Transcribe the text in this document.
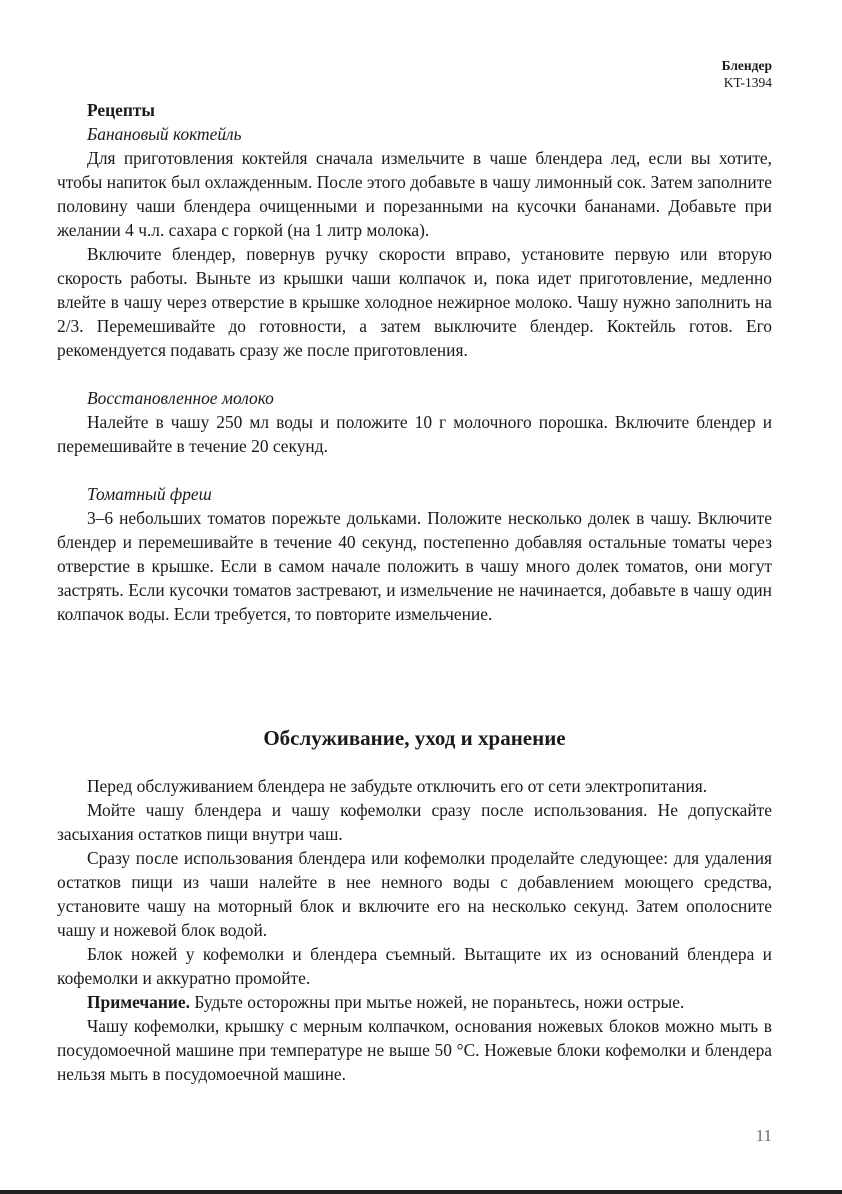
Блендер
KT-1394
Рецепты
Банановый коктейль

Для приготовления коктейля сначала измельчите в чаше блендера лед, если вы хотите, чтобы напиток был охлажденным. После этого добавьте в чашу лимонный сок. Затем заполните половину чаши блендера очищенными и порезанными на кусочки бананами. Добавьте при желании 4 ч.л. сахара с горкой (на 1 литр молока).

Включите блендер, повернув ручку скорости вправо, установите первую или вторую скорость работы. Выньте из крышки чаши колпачок и, пока идет приготовление, медленно влейте в чашу через отверстие в крышке холодное нежирное молоко. Чашу нужно заполнить на 2/3. Перемешивайте до готовности, а затем выключите блендер. Коктейль готов. Его рекомендуется подавать сразу же после приготовления.

Восстановленное молоко

Налейте в чашу 250 мл воды и положите 10 г молочного порошка. Включите блендер и перемешивайте в течение 20 секунд.

Томатный фреш

3–6 небольших томатов порежьте дольками. Положите несколько долек в чашу. Включите блендер и перемешивайте в течение 40 секунд, постепенно добавляя остальные томаты через отверстие в крышке. Если в самом начале положить в чашу много долек томатов, они могут застрять. Если кусочки томатов застревают, и измельчение не начинается, добавьте в чашу один колпачок воды. Если требуется, то повторите измельчение.

Обслуживание, уход и хранение

Перед обслуживанием блендера не забудьте отключить его от сети электропитания.

Мойте чашу блендера и чашу кофемолки сразу после использования. Не допускайте засыхания остатков пищи внутри чаш.

Сразу после использования блендера или кофемолки проделайте следующее: для удаления остатков пищи из чаши налейте в нее немного воды с добавлением моющего средства, установите чашу на моторный блок и включите его на несколько секунд. Затем ополосните чашу и ножевой блок водой.

Блок ножей у кофемолки и блендера съемный. Вытащите их из оснований блендера и кофемолки и аккуратно промойте.

Примечание. Будьте осторожны при мытье ножей, не пораньтесь, ножи острые.

Чашу кофемолки, крышку с мерным колпачком, основания ножевых блоков можно мыть в посудомоечной машине при температуре не выше 50 °С. Ножевые блоки кофемолки и блендера нельзя мыть в посудомоечной машине.

11
